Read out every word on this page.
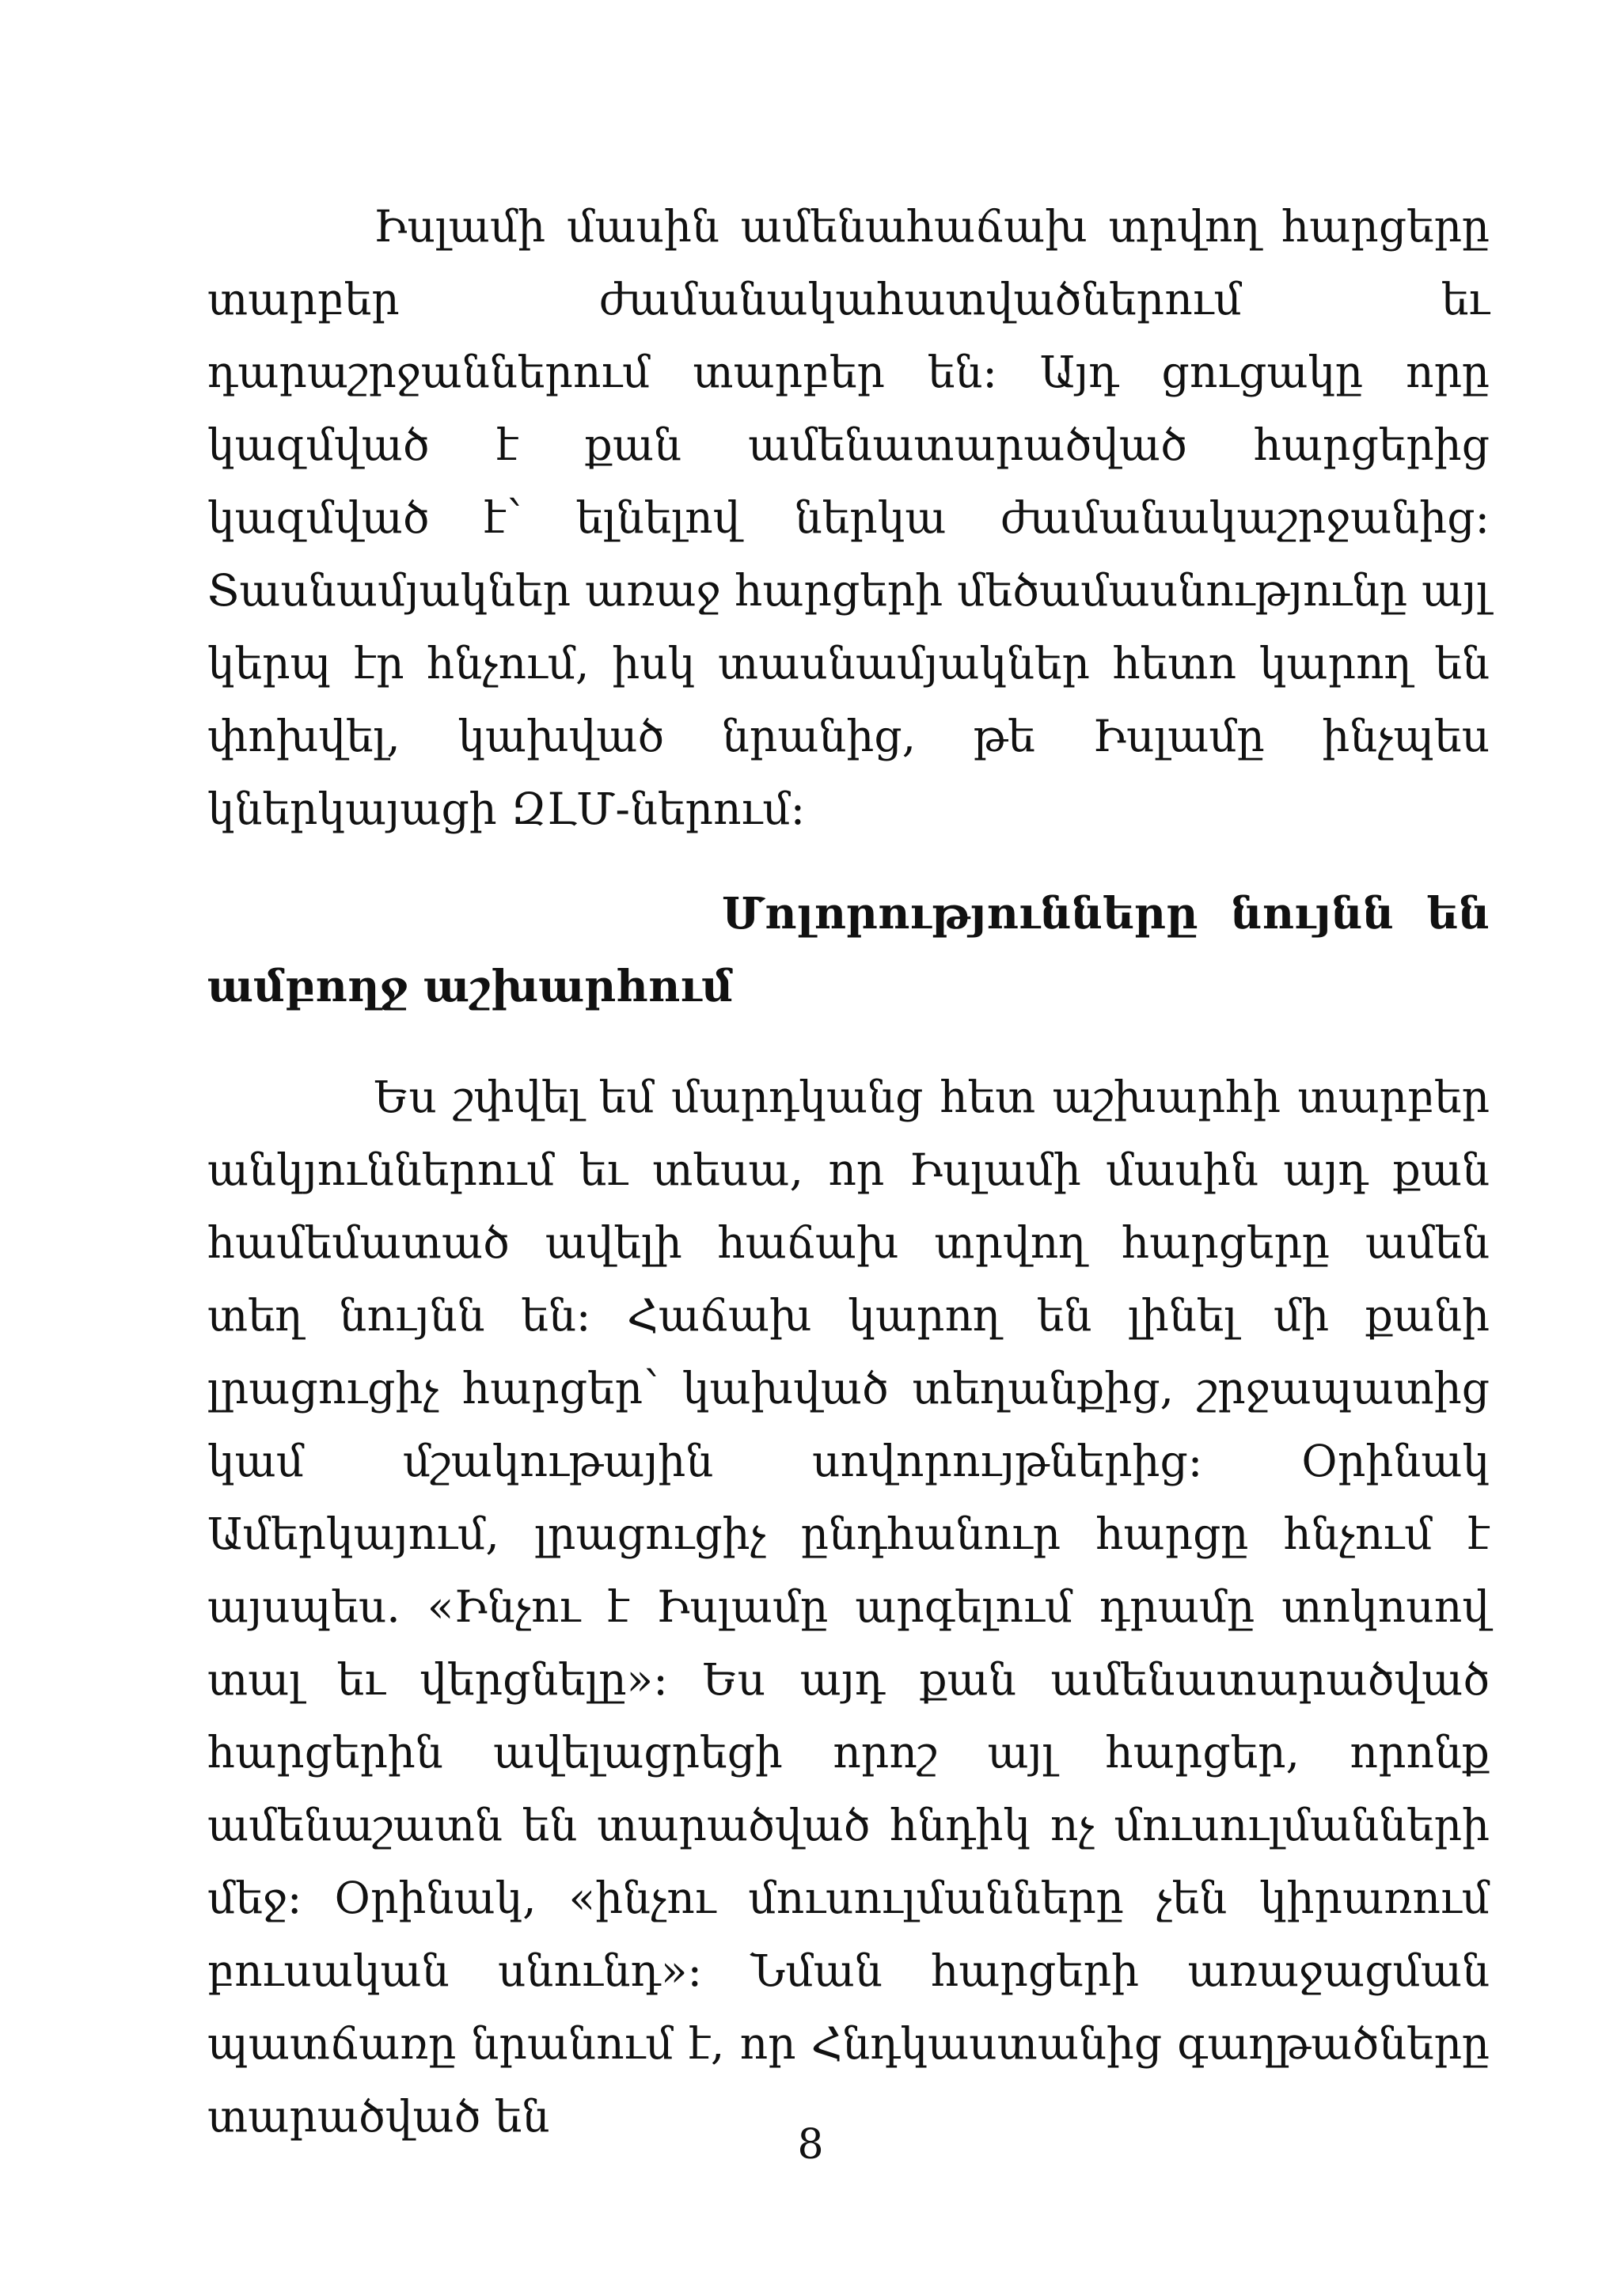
Իսլամի մասին ամենահաճախ տրվող հարցերը տարբեր ժամանակահատվածներում եւ դարաշրջաններում տարբեր են: Այդ ցուցակը որը կազմված է քան ամենատարածված հարցերից կազմված է՝ ելնելով ներկա ժամանակաշրջանից: Տասնամյակներ առաջ հարցերի մեծամասնությունը այլ կերպ էր հնչում, իսկ տասնամյակներ հետո կարող են փոխվել, կախված նրանից, թե Իսլամը ինչպես կներկայացի ԶԼՄ-ներում:

Մոլորությունները նույնն են ամբողջ աշխարհում

Ես շփվել եմ մարդկանց հետ աշխարհի տարբեր անկյուններում եւ տեսա, որ Իսլամի մասին այդ քան համեմատած ավելի հաճախ տրվող հարցերը ամեն տեղ նույնն են: Հաճախ կարող են լինել մի քանի լրացուցիչ հարցեր՝ կախված տեղանքից, շրջապատից կամ մշակութային սովորույթներից: Օրինակ Ամերկայում, լրացուցիչ ընդհանուր հարցը հնչում է այսպես. «Ինչու է Իսլամը արգելում դրամը տոկոսով տալ եւ վերցնելը»: Ես այդ քան ամենատարածված հարցերին ավելացրեցի որոշ այլ հարցեր, որոնք ամենաշատն են տարածված հնդիկ ոչ մուսուլմանների մեջ: Օրինակ, «ինչու մուսուլմանները չեն կիրառում բուսական սնունդ»: Նման հարցերի առաջացման պատճառը նրանում է, որ Հնդկաստանից գաղթածները տարածված են

8
